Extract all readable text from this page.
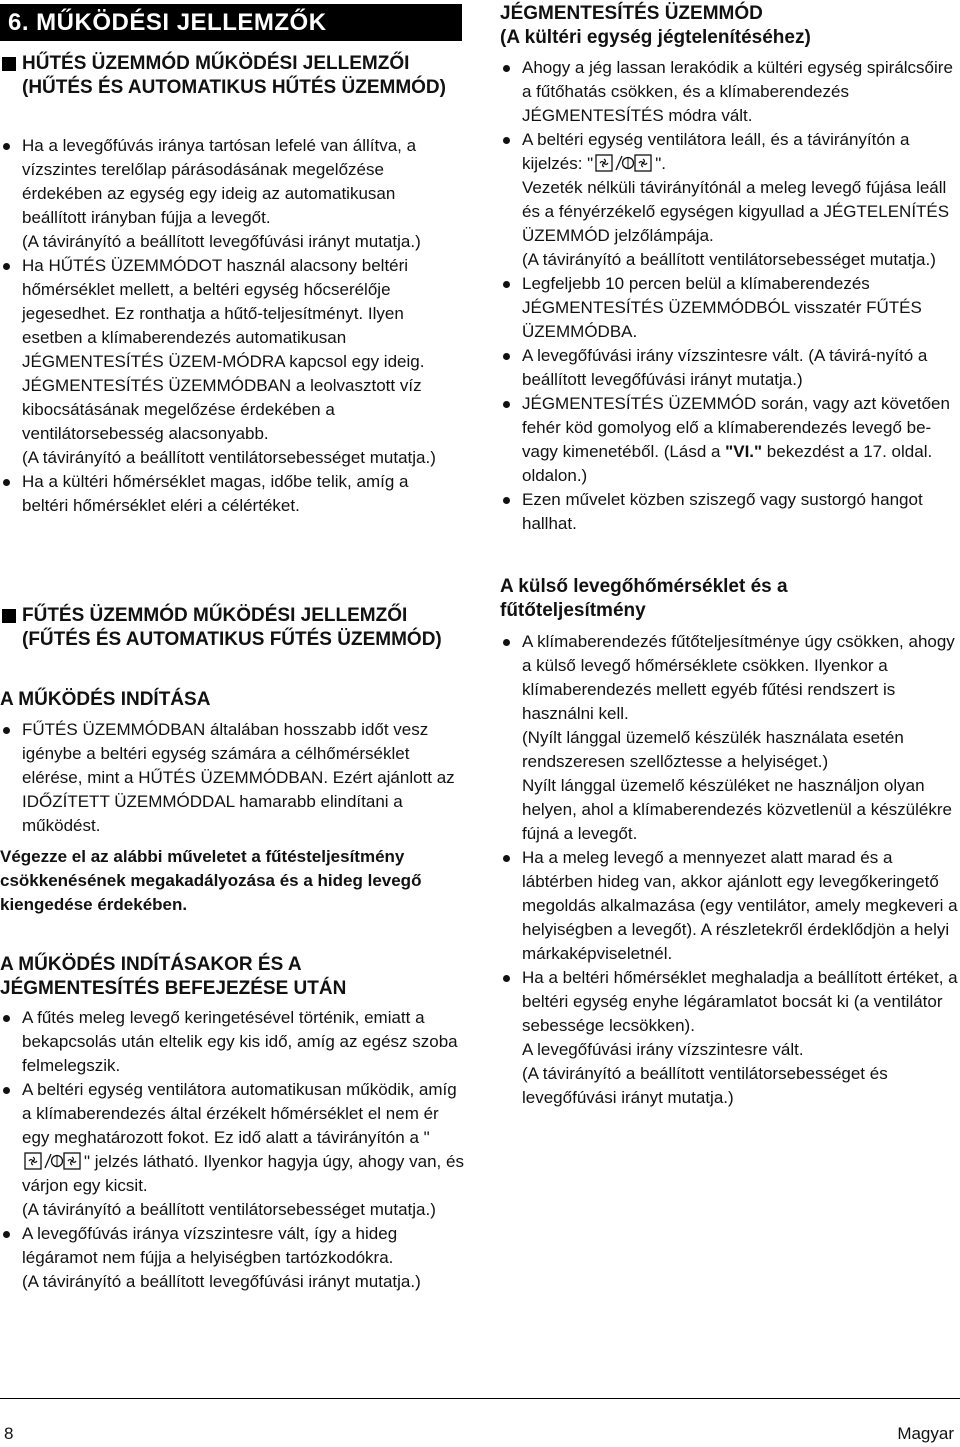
6. MŰKÖDÉSI JELLEMZŐK
HŰTÉS ÜZEMMÓD MŰKÖDÉSI JELLEMZŐI (HŰTÉS ÉS AUTOMATIKUS HŰTÉS ÜZEMMÓD)
Ha a levegőfúvás iránya tartósan lefelé van állítva, a vízszintes terelőlap párásodásának megelőzése érdekében az egység egy ideig az automatikusan beállított irányban fújja a levegőt.
(A távirányító a beállított levegőfúvási irányt mutatja.)
Ha HŰTÉS ÜZEMMÓDOT használ alacsony beltéri hőmérséklet mellett, a beltéri egység hőcserélője jegesedhet. Ez ronthatja a hűtő-teljesítményt. Ilyen esetben a klímaberendezés automatikusan JÉGMENTESÍTÉS ÜZEM-MÓDRA kapcsol egy ideig.
JÉGMENTESÍTÉS ÜZEMMÓDBAN a leolvasztott víz kibocsátásának megelőzése érdekében a ventilátorsebesség alacsonyabb.
(A távirányító a beállított ventilátorsebességet mutatja.)
Ha a kültéri hőmérséklet magas, időbe telik, amíg a beltéri hőmérséklet eléri a célértéket.
FŰTÉS ÜZEMMÓD MŰKÖDÉSI JELLEMZŐI (FŰTÉS ÉS AUTOMATIKUS FŰTÉS ÜZEMMÓD)
A MŰKÖDÉS INDÍTÁSA
FŰTÉS ÜZEMMÓDBAN általában hosszabb időt vesz igénybe a beltéri egység számára a célhőmérséklet elérése, mint a HŰTÉS ÜZEMMÓDBAN. Ezért ajánlott az IDŐZÍTETT ÜZEMMÓDDAL hamarabb elindítani a működést.
Végezze el az alábbi műveletet a fűtésteljesítmény csökkenésének megakadályozása és a hideg levegő kiengedése érdekében.
A MŰKÖDÉS INDÍTÁSAKOR ÉS A JÉGMENTESÍTÉS BEFEJEZÉSE UTÁN
A fűtés meleg levegő keringetésével történik, emiatt a bekapcsolás után eltelik egy kis idő, amíg az egész szoba felmelegszik.
A beltéri egység ventilátora automatikusan működik, amíg a klímaberendezés által érzékelt hőmérséklet el nem ér egy meghatározott fokot. Ez idő alatt a távirányítón a "" jelzés látható. Ilyenkor hagyja úgy, ahogy van, és várjon egy kicsit.
(A távirányító a beállított ventilátorsebességet mutatja.)
A levegőfúvás iránya vízszintesre vált, így a hideg légáramot nem fújja a helyiségben tartózkodókra.
(A távirányító a beállított levegőfúvási irányt mutatja.)
JÉGMENTESÍTÉS ÜZEMMÓD
(A kültéri egység jégtelenítéséhez)
Ahogy a jég lassan lerakódik a kültéri egység spirálcsőire a fűtőhatás csökken, és a klímaberendezés JÉGMENTESÍTÉS módra vált.
A beltéri egység ventilátora leáll, és a távirányítón a kijelzés: "	".
Vezeték nélküli távirányítónál a meleg levegő fújása leáll és a fényérzékelő egységen kigyullad a JÉGTELENÍTÉS ÜZEMMÓD jelzőlámpája.
(A távirányító a beállított ventilátorsebességet mutatja.)
Legfeljebb 10 percen belül a klímaberendezés JÉGMENTESÍTÉS ÜZEMMÓDBÓL visszatér FŰTÉS ÜZEMMÓDBA.
A levegőfúvási irány vízszintesre vált. (A távirá-nyító a beállított levegőfúvási irányt mutatja.)
JÉGMENTESÍTÉS ÜZEMMÓD során, vagy azt követően fehér köd gomolyog elő a klímaberendezés levegő be- vagy kimenetéből. (Lásd a "VI." bekezdést a 17. oldal. oldalon.)
Ezen művelet közben sziszegő vagy sustorgó hangot hallhat.
A külső levegőhőmérséklet és a fűtőteljesítmény
A klímaberendezés fűtőteljesítménye úgy csökken, ahogy a külső levegő hőmérséklete csökken. Ilyenkor a klímaberendezés mellett egyéb fűtési rendszert is használni kell.
(Nyílt lánggal üzemelő készülék használata esetén rendszeresen szellőztesse a helyiséget.)
Nyílt lánggal üzemelő készüléket ne használjon olyan helyen, ahol a klímaberendezés közvetlenül a készülékre fújná a levegőt.
Ha a meleg levegő a mennyezet alatt marad és a lábtérben hideg van, akkor ajánlott egy levegőkeringető megoldás alkalmazása (egy ventilátor, amely megkeveri a helyiségben a levegőt). A részletekről érdeklődjön a helyi márkaképviseletnél.
Ha a beltéri hőmérséklet meghaladja a beállított értéket, a beltéri egység enyhe légáramlatot bocsát ki (a ventilátor sebessége lecsökken).
A levegőfúvási irány vízszintesre vált.
(A távirányító a beállított ventilátorsebességet és levegőfúvási irányt mutatja.)
8	Magyar
